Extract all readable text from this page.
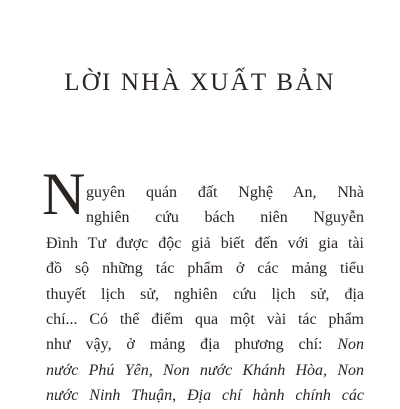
LỜI NHÀ XUẤT BẢN
N guyên quán đất Nghệ An, Nhà
nghiên cứu bách niên Nguyễn
Đình Tư được độc giả biết đến với gia tài
đồ sộ những tác phẩm ở các mảng tiểu
thuyết lịch sử, nghiên cứu lịch sử, địa
chí... Có thể điểm qua một vài tác phẩm
như vậy, ở mảng địa phương chí: Non
nước Phú Yên, Non nước Khánh Hòa, Non
nước Ninh Thuận, Địa chí hành chính các
